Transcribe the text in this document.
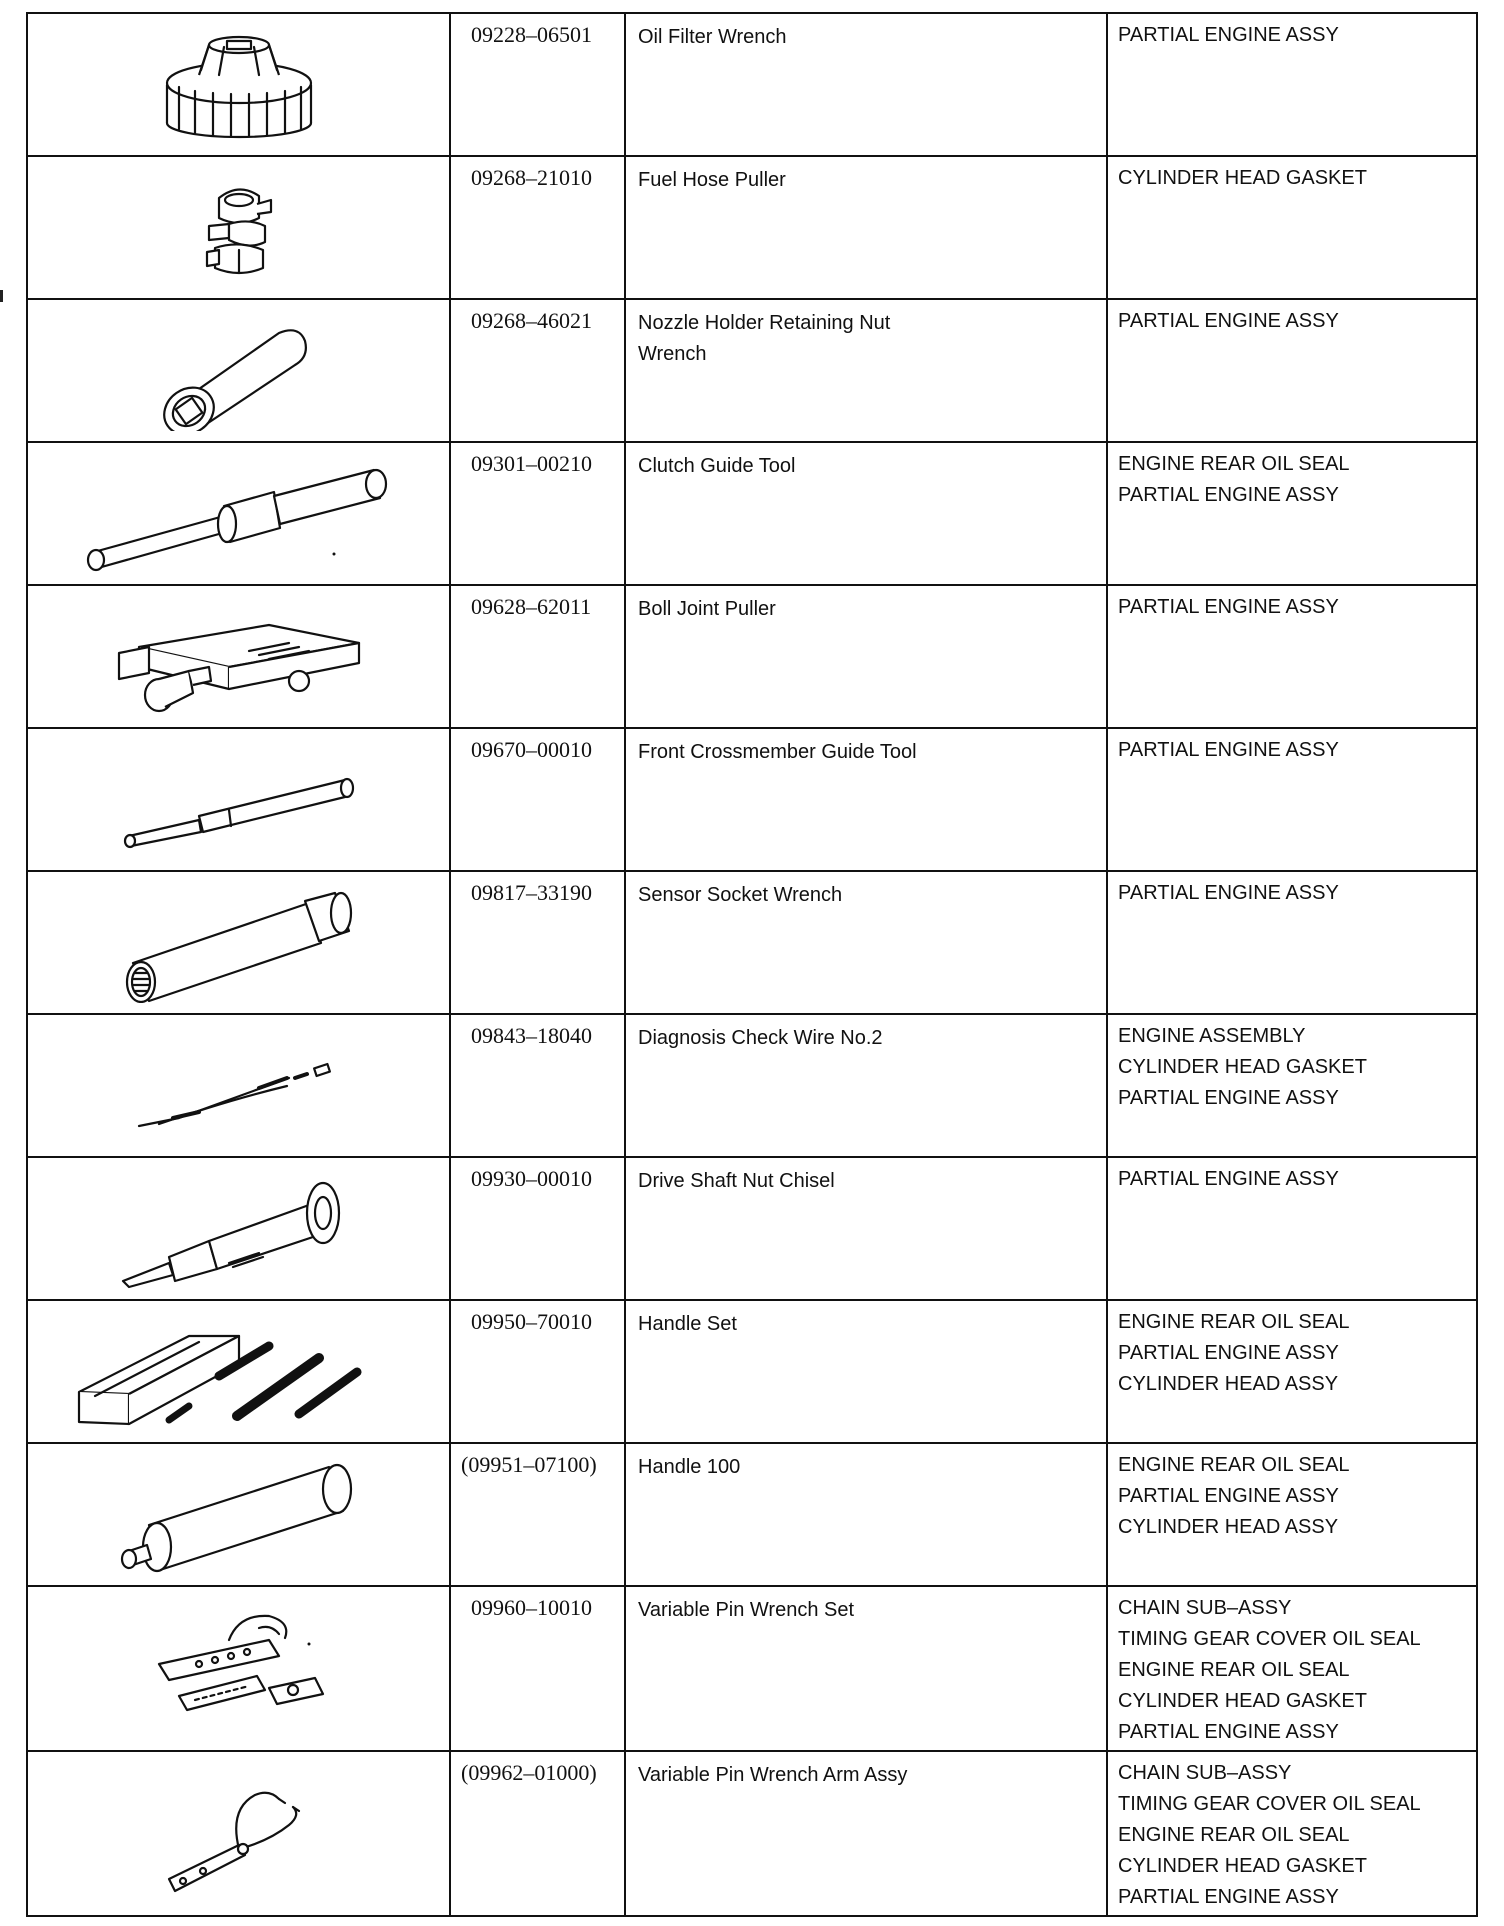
	09228–06501	Oil Filter Wrench	PARTIAL ENGINE ASSY

	09268–21010	Fuel Hose Puller	CYLINDER HEAD GASKET

	09268–46021	Nozzle Holder Retaining Nut
Wrench	PARTIAL ENGINE ASSY

	09301–00210	Clutch Guide Tool	ENGINE REAR OIL SEAL
PARTIAL ENGINE ASSY

	09628–62011	Boll Joint Puller	PARTIAL ENGINE ASSY

	09670–00010	Front Crossmember Guide Tool	PARTIAL ENGINE ASSY

	09817–33190	Sensor Socket Wrench	PARTIAL ENGINE ASSY

	09843–18040	Diagnosis Check Wire No.2	ENGINE ASSEMBLY
CYLINDER HEAD GASKET
PARTIAL ENGINE ASSY

	09930–00010	Drive Shaft Nut Chisel	PARTIAL ENGINE ASSY

	09950–70010	Handle Set	ENGINE REAR OIL SEAL
PARTIAL ENGINE ASSY
CYLINDER HEAD ASSY

	(09951–07100)	Handle 100	ENGINE REAR OIL SEAL
PARTIAL ENGINE ASSY
CYLINDER HEAD ASSY

	09960–10010	Variable Pin Wrench Set	CHAIN SUB–ASSY
TIMING GEAR COVER OIL SEAL
ENGINE REAR OIL SEAL
CYLINDER HEAD GASKET
PARTIAL ENGINE ASSY

	(09962–01000)	Variable Pin Wrench Arm Assy	CHAIN SUB–ASSY
TIMING GEAR COVER OIL SEAL
ENGINE REAR OIL SEAL
CYLINDER HEAD GASKET
PARTIAL ENGINE ASSY
